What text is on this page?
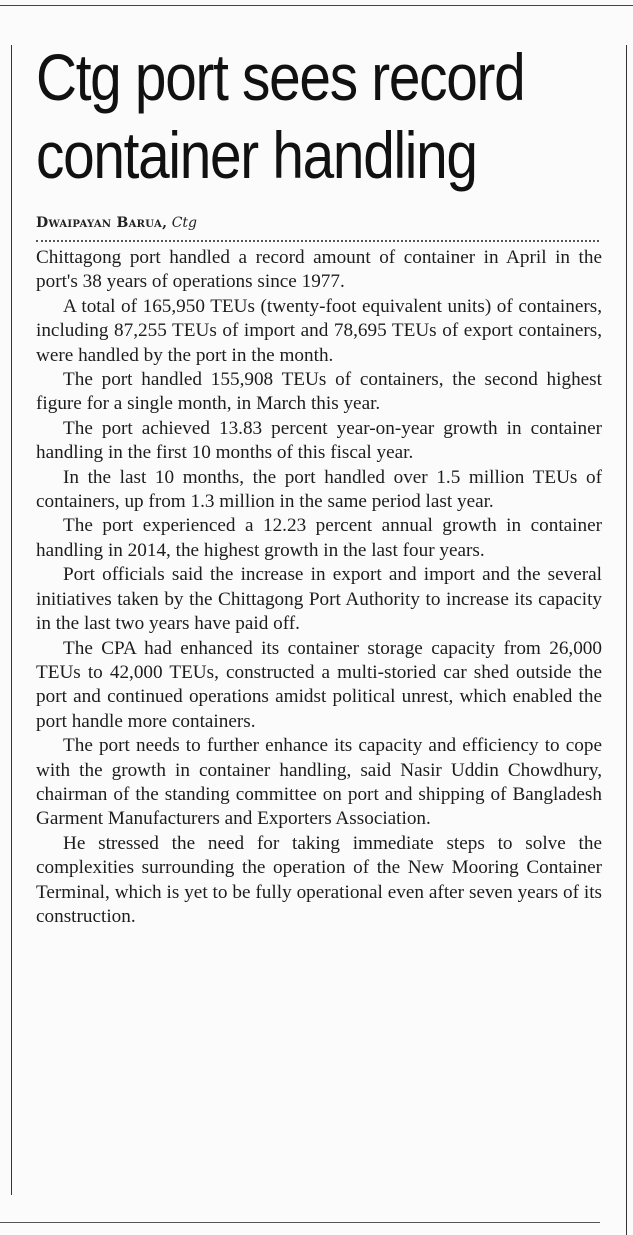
Ctg port sees record
container handling
Dwaipayan Barua, Ctg

Chittagong port handled a record amount of container in April in the port's 38 years of operations since 1977.

A total of 165,950 TEUs (twenty-foot equivalent units) of containers, including 87,255 TEUs of import and 78,695 TEUs of export containers, were handled by the port in the month.

The port handled 155,908 TEUs of containers, the second highest figure for a single month, in March this year.

The port achieved 13.83 percent year-on-year growth in container handling in the first 10 months of this fiscal year.

In the last 10 months, the port handled over 1.5 million TEUs of containers, up from 1.3 million in the same period last year.

The port experienced a 12.23 percent annual growth in container handling in 2014, the highest growth in the last four years.

Port officials said the increase in export and import and the several initiatives taken by the Chittagong Port Authority to increase its capacity in the last two years have paid off.

The CPA had enhanced its container storage capacity from 26,000 TEUs to 42,000 TEUs, constructed a multi-storied car shed outside the port and continued operations amidst political unrest, which enabled the port handle more containers.

The port needs to further enhance its capacity and efficiency to cope with the growth in container handling, said Nasir Uddin Chowdhury, chairman of the standing committee on port and shipping of Bangladesh Garment Manufacturers and Exporters Association.

He stressed the need for taking immediate steps to solve the complexities surrounding the operation of the New Mooring Container Terminal, which is yet to be fully operational even after seven years of its construction.
